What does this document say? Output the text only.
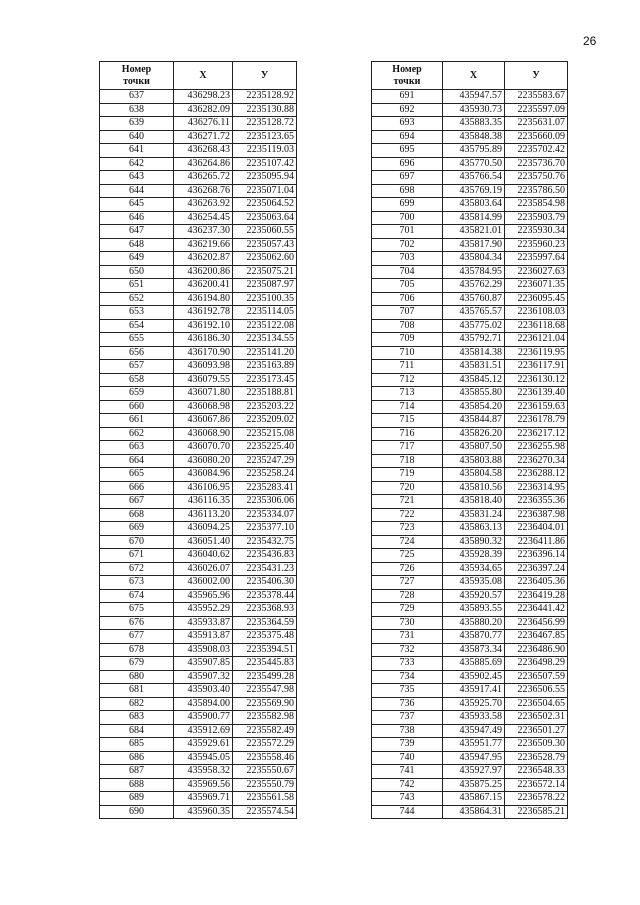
26
Номер
точки	X	У
637	436298.23	2235128.92
638	436282.09	2235130.88
639	436276.11	2235128.72
640	436271.72	2235123.65
641	436268.43	2235119.03
642	436264.86	2235107.42
643	436265.72	2235095.94
644	436268.76	2235071.04
645	436263.92	2235064.52
646	436254.45	2235063.64
647	436237.30	2235060.55
648	436219.66	2235057.43
649	436202.87	2235062.60
650	436200.86	2235075.21
651	436200.41	2235087.97
652	436194.80	2235100.35
653	436192.78	2235114.05
654	436192.10	2235122.08
655	436186.30	2235134.55
656	436170.90	2235141.20
657	436093.98	2235163.89
658	436079.55	2235173.45
659	436071.80	2235188.81
660	436068.98	2235203.22
661	436067.86	2235209.02
662	436068.90	2235215.08
663	436070.70	2235225.40
664	436080.20	2235247.29
665	436084.96	2235258.24
666	436106.95	2235283.41
667	436116.35	2235306.06
668	436113.20	2235334.07
669	436094.25	2235377.10
670	436051.40	2235432.75
671	436040.62	2235436.83
672	436026.07	2235431.23
673	436002.00	2235406.30
674	435965.96	2235378.44
675	435952.29	2235368.93
676	435933.87	2235364.59
677	435913.87	2235375.48
678	435908.03	2235394.51
679	435907.85	2235445.83
680	435907.32	2235499.28
681	435903.40	2235547.98
682	435894.00	2235569.90
683	435900.77	2235582.98
684	435912.69	2235582.49
685	435929.61	2235572.29
686	435945.05	2235558.46
687	435958.32	2235550.67
688	435969.56	2235550.79
689	435969.71	2235561.58
690	435960.35	2235574.54
Номер
точки	X	У
691	435947.57	2235583.67
692	435930.73	2235597.09
693	435883.35	2235631.07
694	435848.38	2235660.09
695	435795.89	2235702.42
696	435770.50	2235736.70
697	435766.54	2235750.76
698	435769.19	2235786.50
699	435803.64	2235854.98
700	435814.99	2235903.79
701	435821.01	2235930.34
702	435817.90	2235960.23
703	435804.34	2235997.64
704	435784.95	2236027.63
705	435762.29	2236071.35
706	435760.87	2236095.45
707	435765.57	2236108.03
708	435775.02	2236118.68
709	435792.71	2236121.04
710	435814.38	2236119.95
711	435831.51	2236117.91
712	435845.12	2236130.12
713	435855.80	2236139.40
714	435854.20	2236159.63
715	435844.87	2236178.79
716	435826.20	2236217.12
717	435807.50	2236255.98
718	435803.88	2236270.34
719	435804.58	2236288.12
720	435810.56	2236314.95
721	435818.40	2236355.36
722	435831.24	2236387.98
723	435863.13	2236404.01
724	435890.32	2236411.86
725	435928.39	2236396.14
726	435934.65	2236397.24
727	435935.08	2236405.36
728	435920.57	2236419.28
729	435893.55	2236441.42
730	435880.20	2236456.99
731	435870.77	2236467.85
732	435873.34	2236486.90
733	435885.69	2236498.29
734	435902.45	2236507.59
735	435917.41	2236506.55
736	435925.70	2236504.65
737	435933.58	2236502.31
738	435947.49	2236501.27
739	435951.77	2236509.30
740	435947.95	2236528.79
741	435927.97	2236548.33
742	435875.25	2236572.14
743	435867.15	2236578.22
744	435864.31	2236585.21
